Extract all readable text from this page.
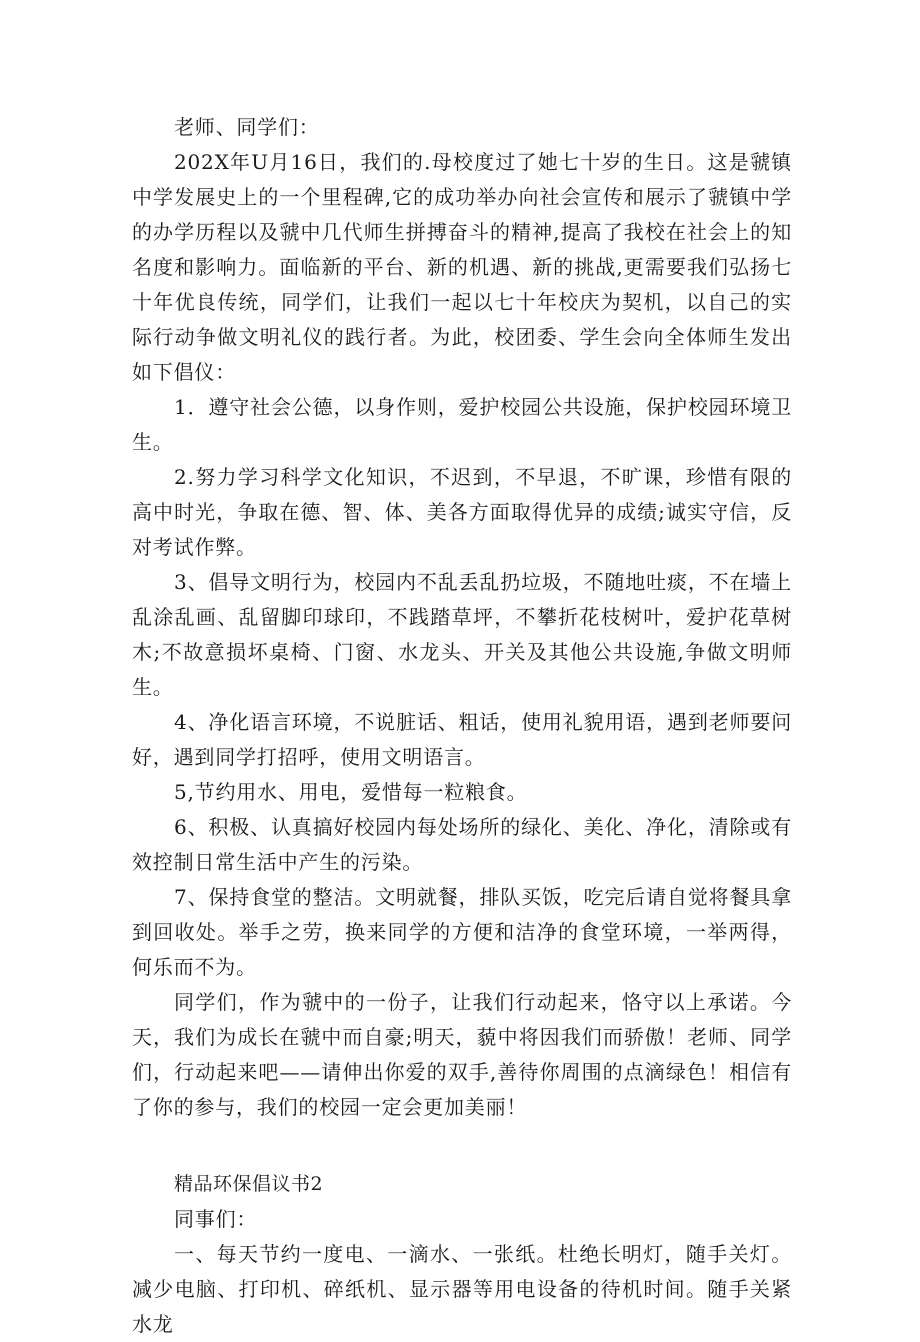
老师、同学们：

202X年U月16日，我们的.母校度过了她七十岁的生日。这是虢镇中学发展史上的一个里程碑,它的成功举办向社会宣传和展示了虢镇中学的办学历程以及虢中几代师生拼搏奋斗的精神,提高了我校在社会上的知名度和影响力。面临新的平台、新的机遇、新的挑战,更需要我们弘扬七十年优良传统，同学们，让我们一起以七十年校庆为契机，以自己的实际行动争做文明礼仪的践行者。为此，校团委、学生会向全体师生发出如下倡仪：

1．遵守社会公德，以身作则，爱护校园公共设施，保护校园环境卫生。

2.努力学习科学文化知识，不迟到，不早退，不旷课，珍惜有限的高中时光，争取在德、智、体、美各方面取得优异的成绩;诚实守信，反对考试作弊。

3、倡导文明行为，校园内不乱丢乱扔垃圾，不随地吐痰，不在墙上乱涂乱画、乱留脚印球印，不践踏草坪，不攀折花枝树叶，爱护花草树木;不故意损坏桌椅、门窗、水龙头、开关及其他公共设施,争做文明师生。

4、净化语言环境，不说脏话、粗话，使用礼貌用语，遇到老师要问好，遇到同学打招呼，使用文明语言。

5,节约用水、用电，爱惜每一粒粮食。

6、积极、认真搞好校园内每处场所的绿化、美化、净化，清除或有效控制日常生活中产生的污染。

7、保持食堂的整洁。文明就餐，排队买饭，吃完后请自觉将餐具拿到回收处。举手之劳，换来同学的方便和洁净的食堂环境，一举两得，何乐而不为。

同学们，作为虢中的一份子，让我们行动起来，恪守以上承诺。今天，我们为成长在虢中而自豪;明天，藐中将因我们而骄傲！老师、同学们，行动起来吧——请伸出你爱的双手,善待你周围的点滴绿色！相信有了你的参与，我们的校园一定会更加美丽！

精品环保倡议书2

同事们：

一、每天节约一度电、一滴水、一张纸。杜绝长明灯，随手关灯。减少电脑、打印机、碎纸机、显示器等用电设备的待机时间。随手关紧水龙
